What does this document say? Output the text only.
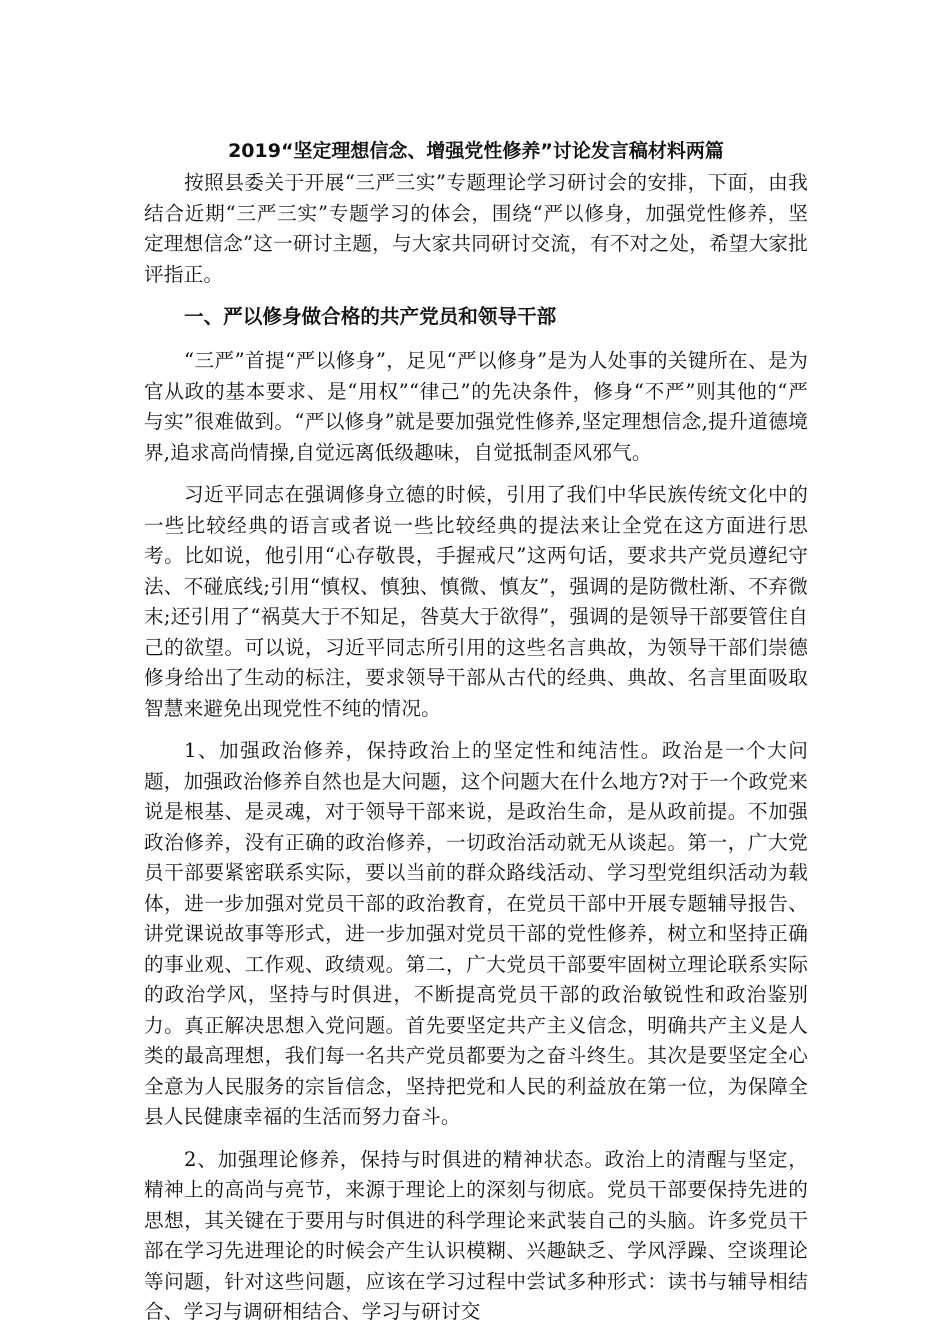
2019“坚定理想信念、增强党性修养”讨论发言稿材料两篇

按照县委关于开展“三严三实”专题理论学习研讨会的安排，下面，由我结合近期“三严三实”专题学习的体会，围绕“严以修身，加强党性修养，坚定理想信念”这一研讨主题，与大家共同研讨交流，有不对之处，希望大家批评指正。

一、严以修身做合格的共产党员和领导干部

“三严”首提“严以修身”，足见“严以修身”是为人处事的关键所在、是为官从政的基本要求、是“用权”“律己”的先决条件，修身“不严”则其他的“严与实”很难做到。“严以修身”就是要加强党性修养,坚定理想信念,提升道德境界,追求高尚情操,自觉远离低级趣味，自觉抵制歪风邪气。

习近平同志在强调修身立德的时候，引用了我们中华民族传统文化中的一些比较经典的语言或者说一些比较经典的提法来让全党在这方面进行思考。比如说，他引用“心存敬畏，手握戒尺”这两句话，要求共产党员遵纪守法、不碰底线;引用“慎权、慎独、慎微、慎友”，强调的是防微杜渐、不弃微末;还引用了“祸莫大于不知足，咎莫大于欲得”，强调的是领导干部要管住自己的欲望。可以说，习近平同志所引用的这些名言典故，为领导干部们崇德修身给出了生动的标注，要求领导干部从古代的经典、典故、名言里面吸取智慧来避免出现党性不纯的情况。

1、加强政治修养，保持政治上的坚定性和纯洁性。政治是一个大问题，加强政治修养自然也是大问题，这个问题大在什么地方?对于一个政党来说是根基、是灵魂，对于领导干部来说，是政治生命，是从政前提。不加强政治修养，没有正确的政治修养，一切政治活动就无从谈起。第一，广大党员干部要紧密联系实际，要以当前的群众路线活动、学习型党组织活动为载体，进一步加强对党员干部的政治教育，在党员干部中开展专题辅导报告、讲党课说故事等形式，进一步加强对党员干部的党性修养，树立和坚持正确的事业观、工作观、政绩观。第二，广大党员干部要牢固树立理论联系实际的政治学风，坚持与时俱进，不断提高党员干部的政治敏锐性和政治鉴别力。真正解决思想入党问题。首先要坚定共产主义信念，明确共产主义是人类的最高理想，我们每一名共产党员都要为之奋斗终生。其次是要坚定全心全意为人民服务的宗旨信念，坚持把党和人民的利益放在第一位，为保障全县人民健康幸福的生活而努力奋斗。

2、加强理论修养，保持与时俱进的精神状态。政治上的清醒与坚定，精神上的高尚与亮节，来源于理论上的深刻与彻底。党员干部要保持先进的思想，其关键在于要用与时俱进的科学理论来武装自己的头脑。许多党员干部在学习先进理论的时候会产生认识模糊、兴趣缺乏、学风浮躁、空谈理论等问题，针对这些问题，应该在学习过程中尝试多种形式：读书与辅导相结合、学习与调研相结合、学习与研讨交
